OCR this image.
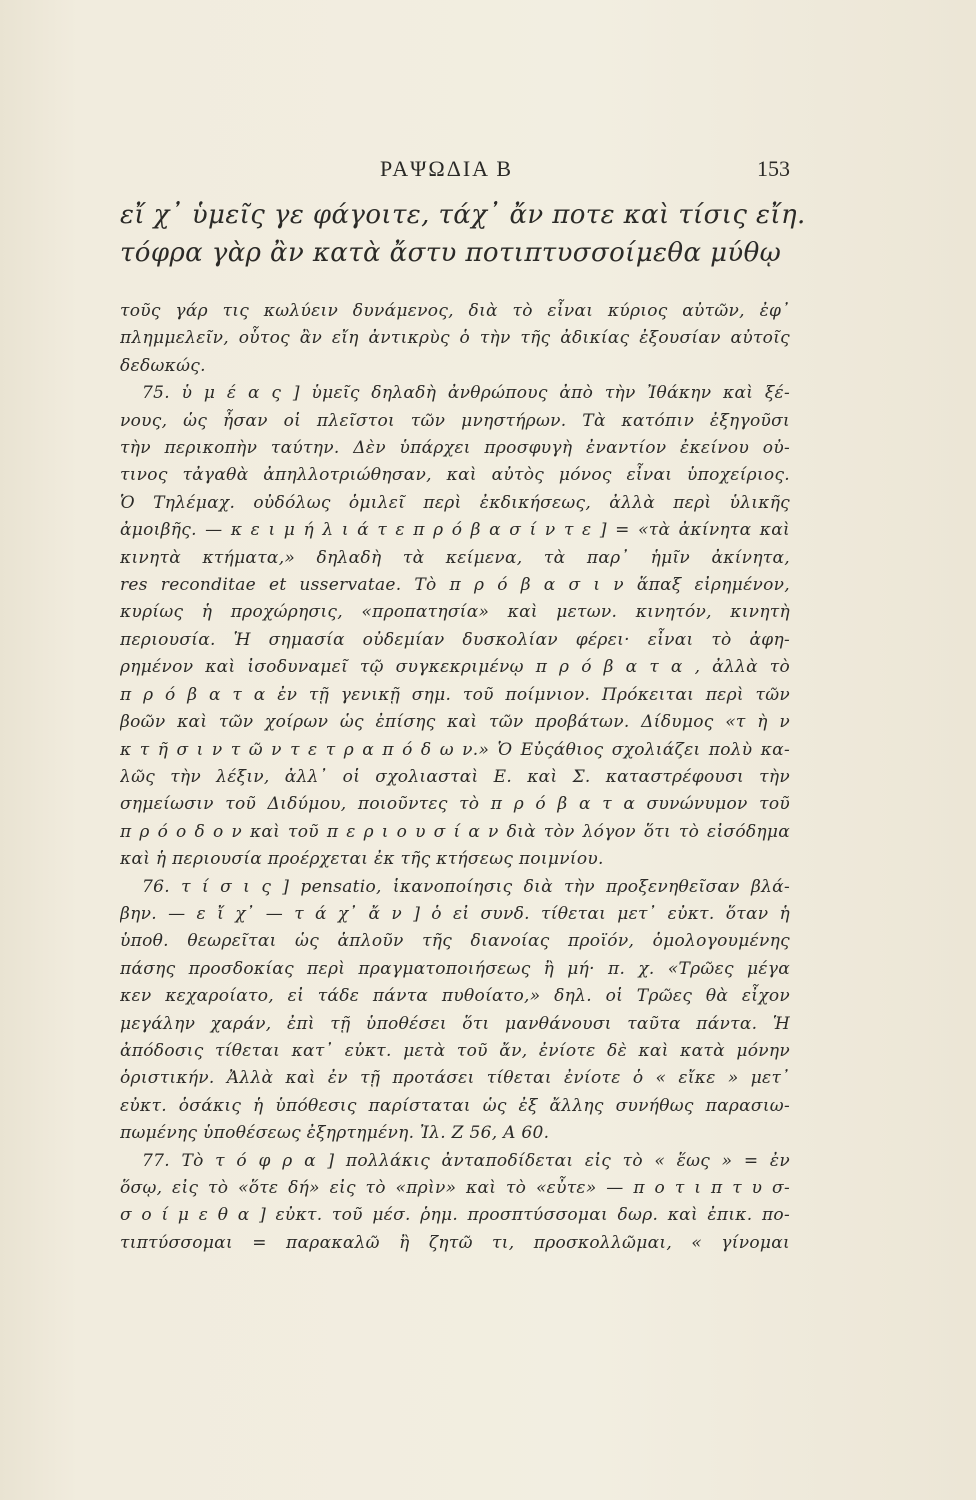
ΡΑΨΩΔΙΑ Β	153
εἴ χ᾽ ὑμεῖς γε φάγοιτε, τάχ᾽ ἄν ποτε καὶ τίσις εἴη.
τόφρα γὰρ ἂν κατὰ ἄστυ ποτιπτυσσοίμεθα μύθῳ
τοῦς γάρ τις κωλύειν δυνάμενος, διὰ τὸ εἶναι κύριος αὐτῶν, ἐφ᾽
πλημμελεῖν, οὗτος ἂν εἴη ἀντικρὺς ὁ τὴν τῆς ἀδικίας ἐξουσίαν αὐτοῖς
δεδωκώς.
75. ὑ μ έ α ς ] ὑμεῖς δηλαδὴ ἀνθρώπους ἀπὸ τὴν Ἰθάκην καὶ ξέ-
νους, ὡς ἦσαν οἱ πλεῖστοι τῶν μνηστήρων. Τὰ κατόπιν ἐξηγοῦσι
τὴν περικοπὴν ταύτην. Δὲν ὑπάρχει προσφυγὴ ἐναντίον ἐκείνου οὐ-
τινος τἀγαθὰ ἀπηλλοτριώθησαν, καὶ αὐτὸς μόνος εἶναι ὑποχείριος.
Ὁ Τηλέμαχ. οὐδόλως ὁμιλεῖ περὶ ἐκδικήσεως, ἀλλὰ περὶ ὑλικῆς
ἀμοιβῆς. — κ ε ι μ ή λ ι ά τ ε π ρ ό β α σ ί ν τ ε ] = «τὰ ἀκίνητα καὶ
κινητὰ κτήματα,» δηλαδὴ τὰ κείμενα, τὰ παρ᾽ ἡμῖν ἀκίνητα,
res reconditae et usservatae. Τὸ π ρ ό β α σ ι ν ἅπαξ εἰρημένον,
κυρίως ἡ προχώρησις, «προπατησία» καὶ μετων. κινητόν, κινητὴ
περιουσία. Ἡ σημασία οὐδεμίαν δυσκολίαν φέρει· εἶναι τὸ ἀφη-
ρημένον καὶ ἰσοδυναμεῖ τῷ συγκεκριμένῳ π ρ ό β α τ α , ἀλλὰ τὸ
π ρ ό β α τ α ἐν τῇ γενικῇ σημ. τοῦ ποίμνιον. Πρόκειται περὶ τῶν
βοῶν καὶ τῶν χοίρων ὡς ἐπίσης καὶ τῶν προβάτων. Δίδυμος «τ ὴ ν
κ τ ῆ σ ι ν τ ῶ ν τ ε τ ρ α π ό δ ω ν.» Ὁ Εὐςάθιος σχολιάζει πολὺ κα-
λῶς τὴν λέξιν, ἀλλ᾽ οἱ σχολιασταὶ Ε. καὶ Σ. καταστρέφουσι τὴν
σημείωσιν τοῦ Διδύμου, ποιοῦντες τὸ π ρ ό β α τ α συνώνυμον τοῦ
π ρ ό ο δ ο ν καὶ τοῦ π ε ρ ι ο υ σ ί α ν διὰ τὸν λόγον ὅτι τὸ εἰσόδημα
καὶ ἡ περιουσία προέρχεται ἐκ τῆς κτήσεως ποιμνίου.
76. τ ί σ ι ς ] pensatio, ἱκανοποίησις διὰ τὴν προξενηθεῖσαν βλά-
βην. — ε ἴ χ᾽ — τ ά χ᾽ ἄ ν ] ὁ εἰ συνδ. τίθεται μετ᾽ εὐκτ. ὅταν ἡ
ὑποθ. θεωρεῖται ὡς ἁπλοῦν τῆς διανοίας προϊόν, ὁμολογουμένης
πάσης προσδοκίας περὶ πραγματοποιήσεως ἢ μή· π. χ. «Τρῶες μέγα
κεν κεχαροίατο, εἰ τάδε πάντα πυθοίατο,» δηλ. οἱ Τρῶες θὰ εἶχον
μεγάλην χαράν, ἐπὶ τῇ ὑποθέσει ὅτι μανθάνουσι ταῦτα πάντα. Ἡ
ἀπόδοσις τίθεται κατ᾽ εὐκτ. μετὰ τοῦ ἄν, ἐνίοτε δὲ καὶ κατὰ μόνην
ὁριστικήν. Ἀλλὰ καὶ ἐν τῇ προτάσει τίθεται ἐνίοτε ὁ « εἴκε » μετ᾽
εὐκτ. ὁσάκις ἡ ὑπόθεσις παρίσταται ὡς ἐξ ἄλλης συνήθως παρασιω-
πωμένης ὑποθέσεως ἐξηρτημένη. Ἰλ. Ζ 56, Α 60.
77. Τὸ τ ό φ ρ α ] πολλάκις ἀνταποδίδεται εἰς τὸ « ἕως » = ἐν
ὅσῳ, εἰς τὸ «ὅτε δή» εἰς τὸ «πρὶν» καὶ τὸ «εὖτε» — π ο τ ι π τ υ σ-
σ ο ί μ ε θ α ] εὐκτ. τοῦ μέσ. ῥημ. προσπτύσσομαι δωρ. καὶ ἐπικ. πο-
τιπτύσσομαι = παρακαλῶ ἢ ζητῶ τι, προσκολλῶμαι, « γίνομαι
